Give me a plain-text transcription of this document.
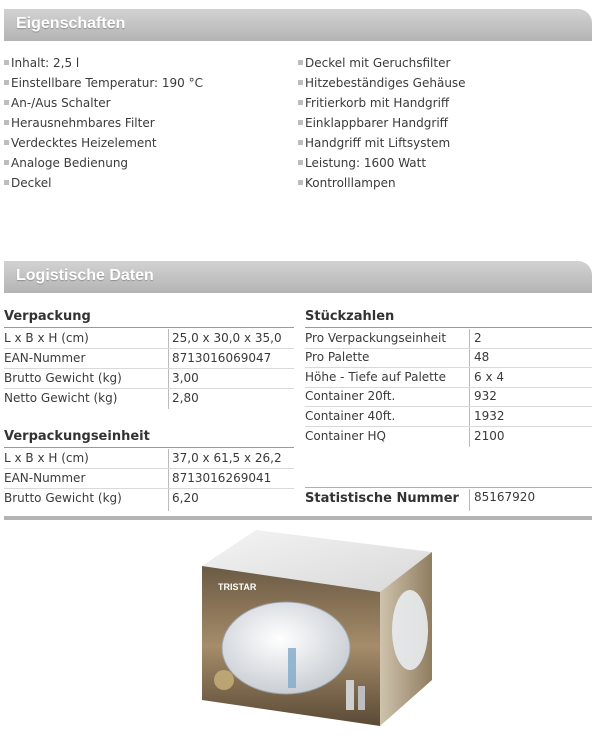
Eigenschaften
Inhalt: 2,5 l
Einstellbare Temperatur: 190 °C
An-/Aus Schalter
Herausnehmbares Filter
Verdecktes Heizelement
Analoge Bedienung
Deckel
Deckel mit Geruchsfilter
Hitzebeständiges Gehäuse
Fritierkorb mit Handgriff
Einklappbarer Handgriff
Handgriff mit Liftsystem
Leistung: 1600 Watt
Kontrolllampen
Logistische Daten
Verpackung
L x B x H (cm)	25,0 x 30,0 x 35,0
EAN-Nummer	8713016069047
Brutto Gewicht (kg)	3,00
Netto Gewicht (kg)	2,80
Verpackungseinheit
L x B x H (cm)	37,0 x 61,5 x 26,2
EAN-Nummer	8713016269041
Brutto Gewicht (kg)	6,20
Stückzahlen
Pro Verpackungseinheit 2
Pro Palette	48
Höhe - Tiefe auf Palette 6 x 4
Container 20ft.	932
Container 40ft.	1932
Container HQ	2100
Statistische Nummer 85167920
TRISTAR
